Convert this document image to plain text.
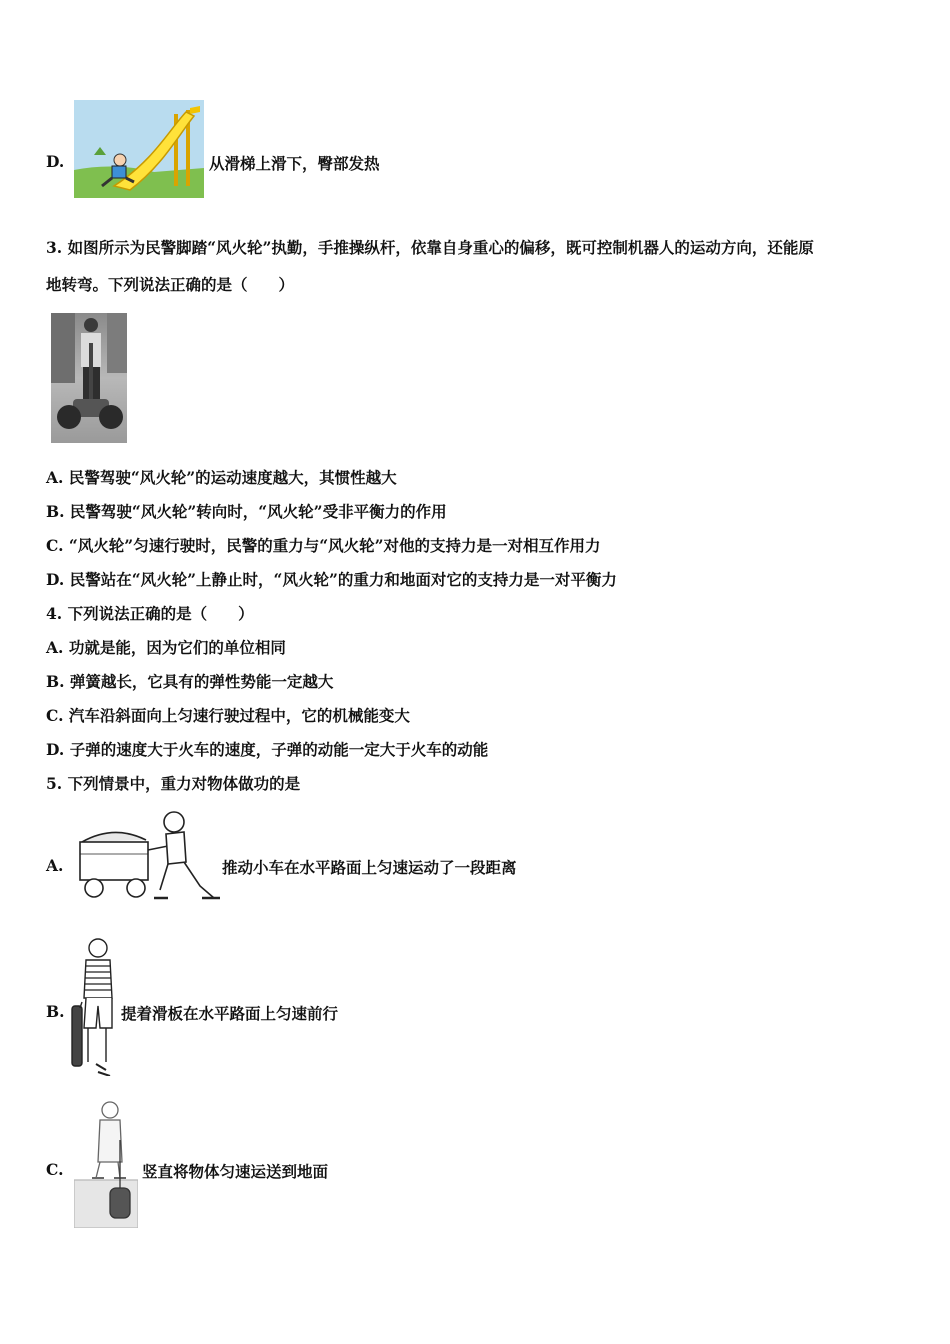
D.	从滑梯上滑下，臀部发热
3. 如图所示为民警脚踏“风火轮”执勤，手推操纵杆，依靠自身重心的偏移，既可控制机器人的运动方向，还能原
地转弯。下列说法正确的是（　　）
A. 民警驾驶“风火轮”的运动速度越大，其惯性越大
B. 民警驾驶“风火轮”转向时，“风火轮”受非平衡力的作用
C. “风火轮”匀速行驶时，民警的重力与“风火轮”对他的支持力是一对相互作用力
D. 民警站在“风火轮”上静止时，“风火轮”的重力和地面对它的支持力是一对平衡力
4. 下列说法正确的是（　　）
A. 功就是能，因为它们的单位相同
B. 弹簧越长，它具有的弹性势能一定越大
C. 汽车沿斜面向上匀速行驶过程中，它的机械能变大
D. 子弹的速度大于火车的速度，子弹的动能一定大于火车的动能
5. 下列情景中，重力对物体做功的是
A.	推动小车在水平路面上匀速运动了一段距离
B.	提着滑板在水平路面上匀速前行
C.	竖直将物体匀速运送到地面
